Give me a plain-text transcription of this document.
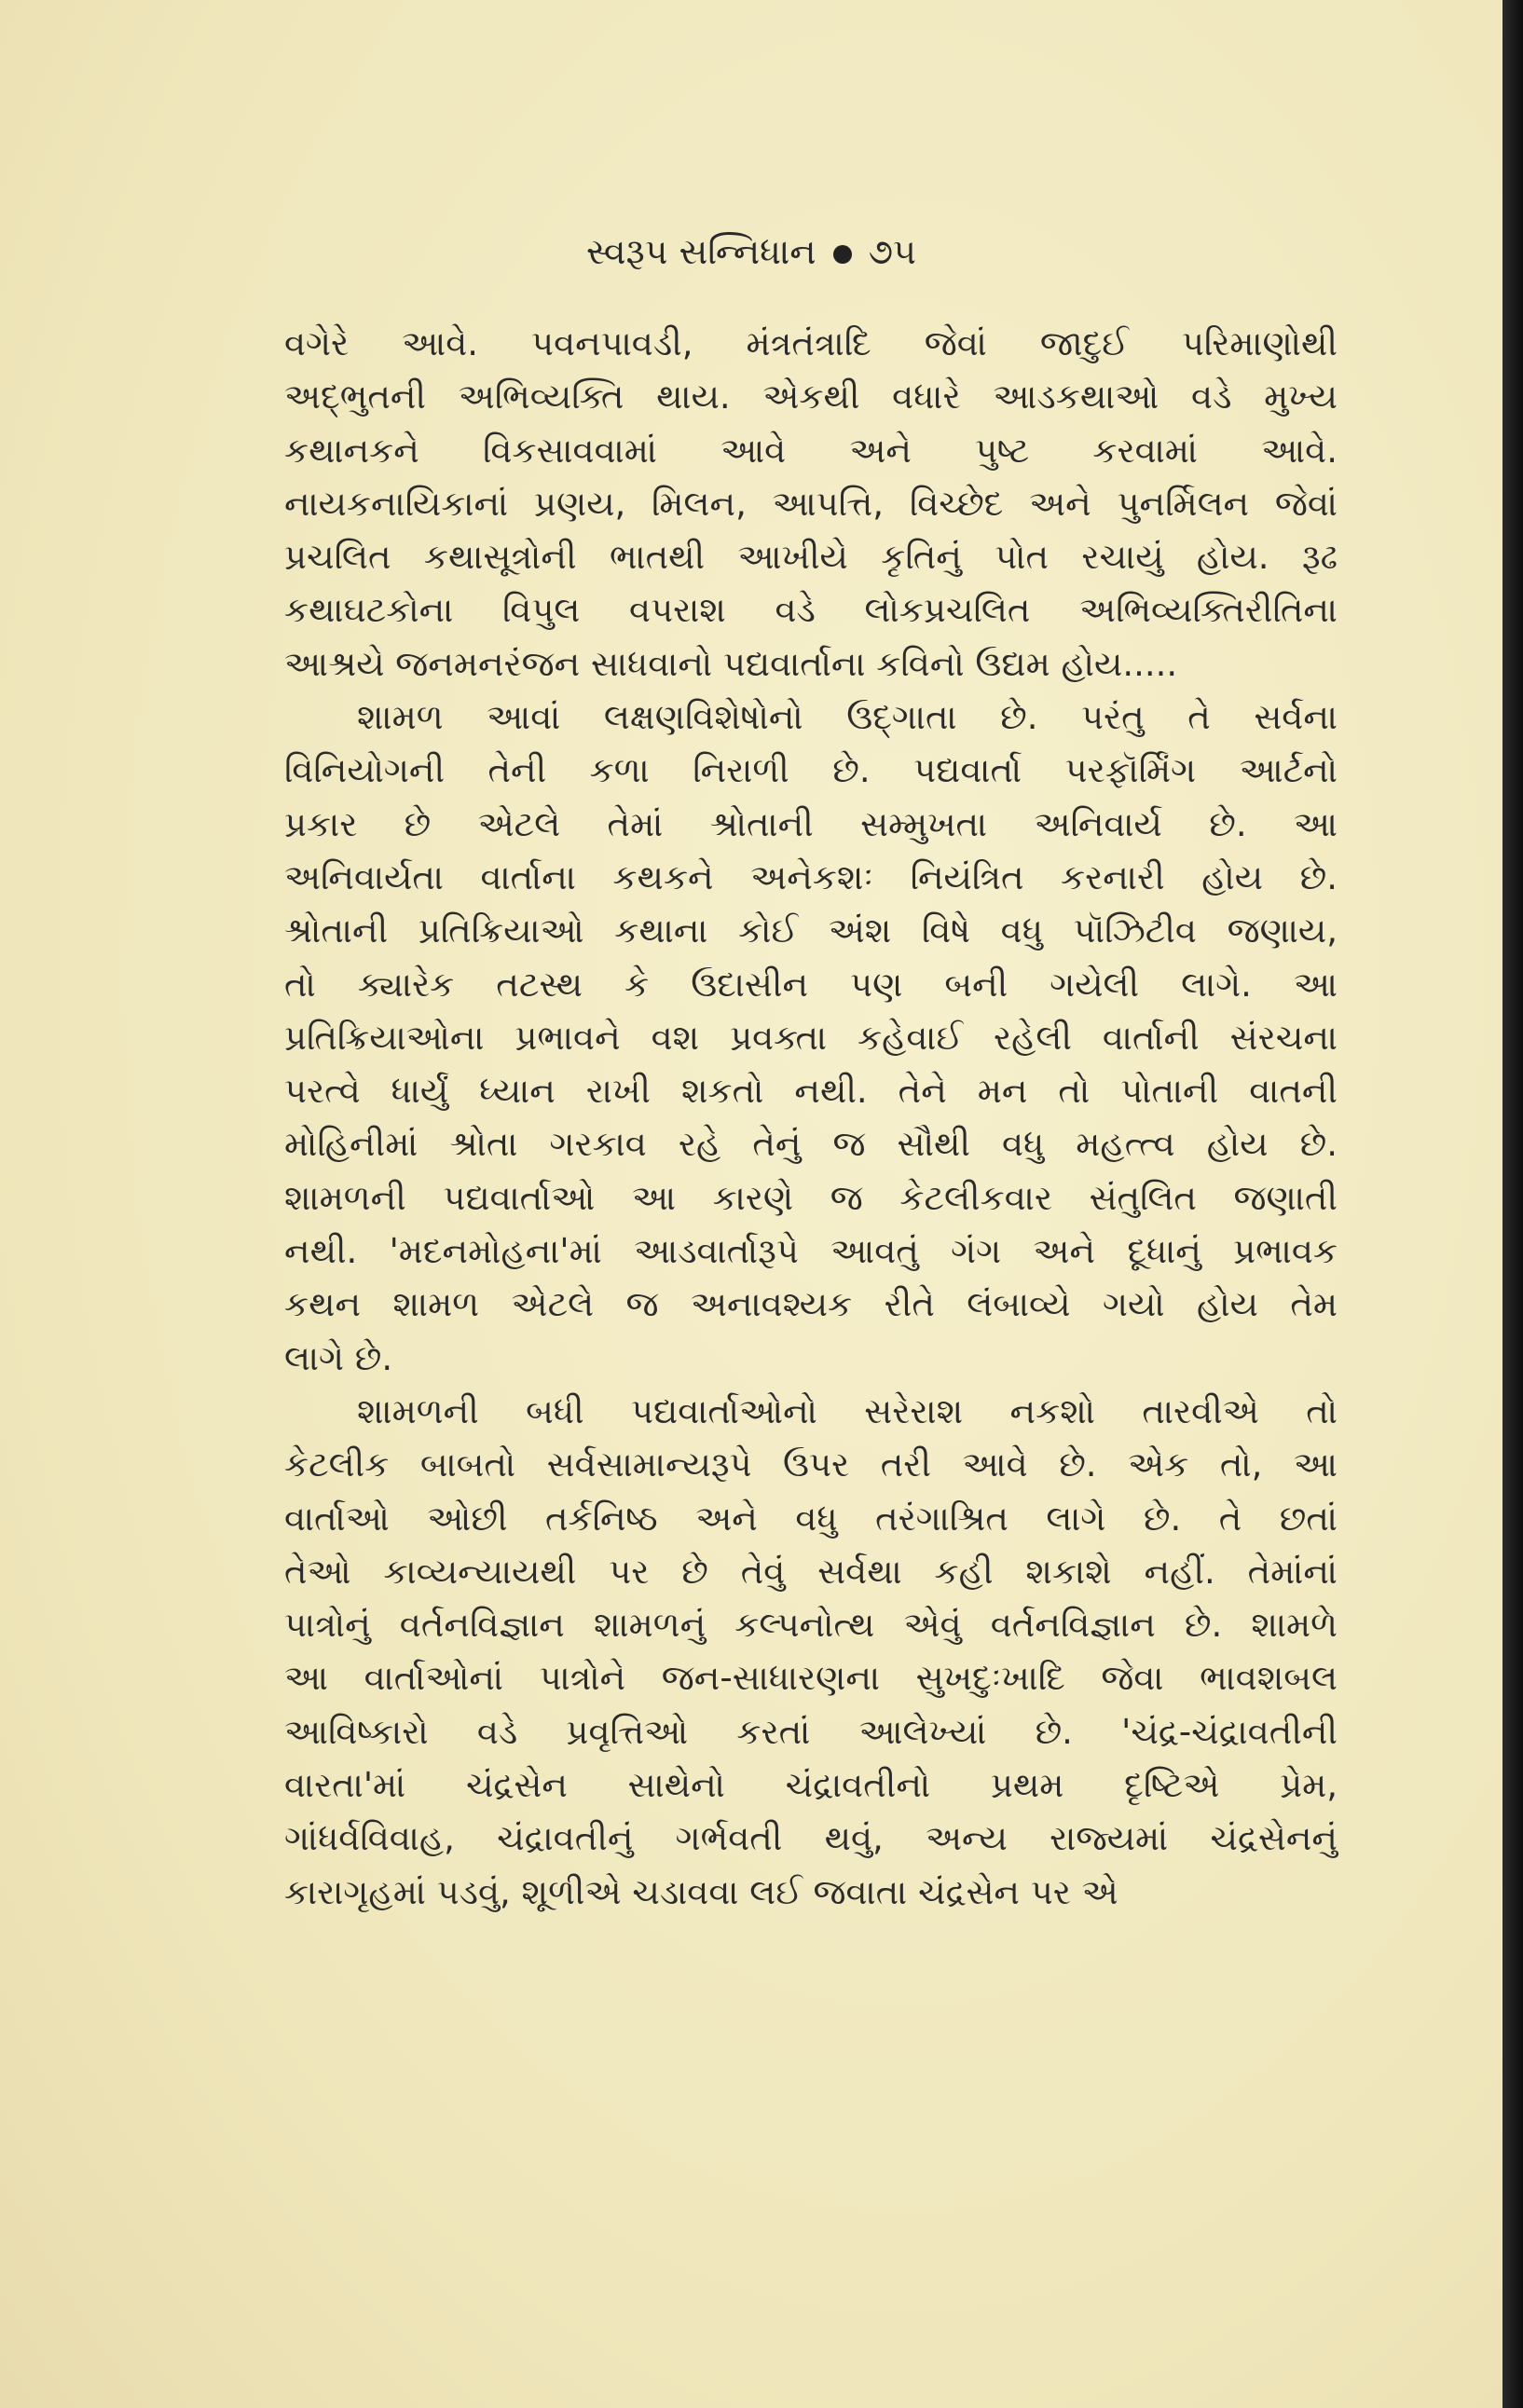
સ્વરૂપ સન્નિધાન ૭૫

વગેરે આવે. પવનપાવડી, મંત્રતંત્રાદિ જેવાં જાદુઈ પરિમાણોથી

અદ્‌ભુતની અભિવ્યક્તિ થાય. એકથી વધારે આડકથાઓ વડે મુખ્ય

કથાનકને વિકસાવવામાં આવે અને પુષ્ટ કરવામાં આવે.

નાયકનાયિકાનાં પ્રણય, મિલન, આપત્તિ, વિચ્છેદ અને પુનર્મિલન જેવાં

પ્રચલિત કથાસૂત્રોની ભાતથી આખીયે કૃતિનું પોત રચાયું હોય. રૂઢ

કથાઘટકોના વિપુલ વપરાશ વડે લોકપ્રચલિત અભિવ્યક્તિરીતિના

આશ્રયે જનમનરંજન સાધવાનો પદ્યવાર્તાના કવિનો ઉદ્યમ હોય.....

શામળ આવાં લક્ષણવિશેષોનો ઉદ્‌ગાતા છે. પરંતુ તે સર્વના

વિનિયોગની તેની કળા નિરાળી છે. પદ્યવાર્તા પરફૉર્મિંગ આર્ટનો

પ્રકાર છે એટલે તેમાં શ્રોતાની સમ્મુખતા અનિવાર્ય છે. આ

અનિવાર્યતા વાર્તાના કથકને અનેકશઃ નિયંત્રિત કરનારી હોય છે.

શ્રોતાની પ્રતિક્રિયાઓ કથાના કોઈ અંશ વિષે વધુ પૉઝિટીવ જણાય,

તો ક્યારેક તટસ્થ કે ઉદાસીન પણ બની ગયેલી લાગે. આ

પ્રતિક્રિયાઓના પ્રભાવને વશ પ્રવક્તા કહેવાઈ રહેલી વાર્તાની સંરચના

પરત્વે ધાર્યું ધ્યાન રાખી શકતો નથી. તેને મન તો પોતાની વાતની

મોહિનીમાં શ્રોતા ગરકાવ રહે તેનું જ સૌથી વધુ મહત્ત્વ હોય છે.

શામળની પદ્યવાર્તાઓ આ કારણે જ કેટલીકવાર સંતુલિત જણાતી

નથી. 'મદનમોહના'માં આડવાર્તારૂપે આવતું ગંગ અને દૂધાનું પ્રભાવક

કથન શામળ એટલે જ અનાવશ્યક રીતે લંબાવ્યે ગયો હોય તેમ

લાગે છે.

શામળની બધી પદ્યવાર્તાઓનો સરેરાશ નકશો તારવીએ તો

કેટલીક બાબતો સર્વસામાન્યરૂપે ઉપર તરી આવે છે. એક તો, આ

વાર્તાઓ ઓછી તર્કનિષ્ઠ અને વધુ તરંગાશ્રિત લાગે છે. તે છતાં

તેઓ કાવ્યન્યાયથી પર છે તેવું સર્વથા કહી શકાશે નહીં. તેમાંનાં

પાત્રોનું વર્તનવિજ્ઞાન શામળનું કલ્પનોત્થ એવું વર્તનવિજ્ઞાન છે. શામળે

આ વાર્તાઓનાં પાત્રોને જન-સાધારણના સુખદુઃખાદિ જેવા ભાવશબલ

આવિષ્કારો વડે પ્રવૃત્તિઓ કરતાં આલેખ્યાં છે. 'ચંદ્ર-ચંદ્રાવતીની

વારતા'માં ચંદ્રસેન સાથેનો ચંદ્રાવતીનો પ્રથમ દૃષ્ટિએ પ્રેમ,

ગાંધર્વવિવાહ, ચંદ્રાવતીનું ગર્ભવતી થવું, અન્ય રાજ્યમાં ચંદ્રસેનનું

કારાગૃહમાં પડવું, શૂળીએ ચડાવવા લઈ જવાતા ચંદ્રસેન પર એ
